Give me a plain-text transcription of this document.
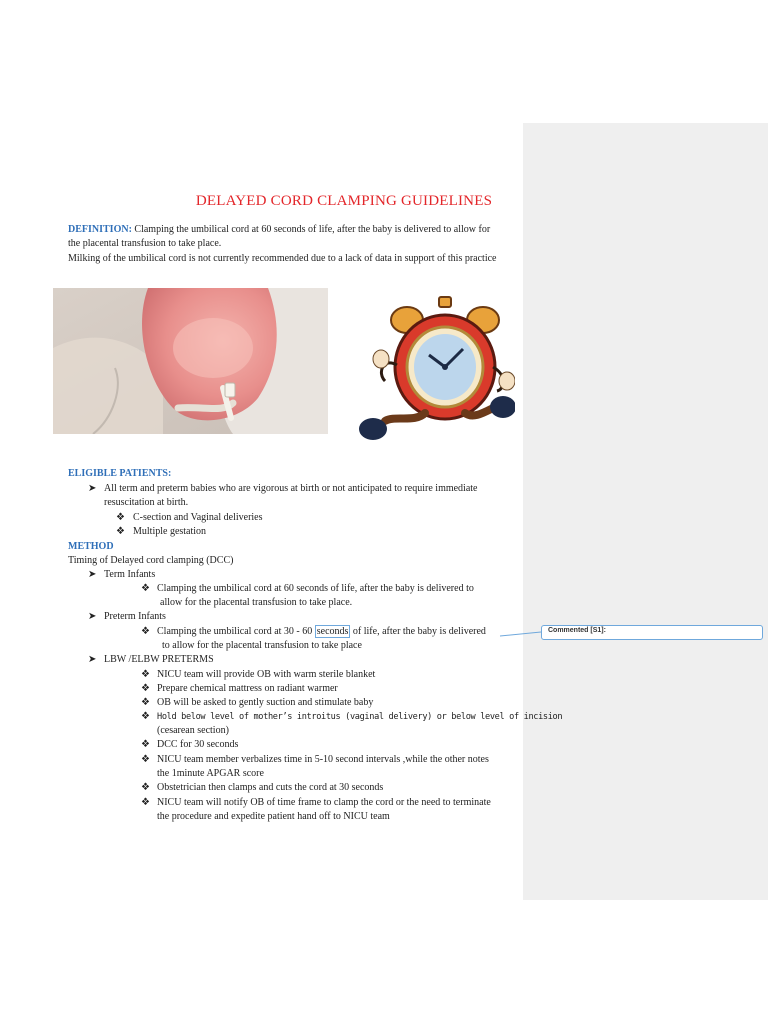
DELAYED CORD CLAMPING GUIDELINES
DEFINITION: Clamping the umbilical cord at 60 seconds of life, after the baby is delivered to allow for
the placental transfusion to take place.
Milking of the umbilical cord is not currently recommended due to a lack of data in support of this practice
ELIGIBLE PATIENTS:
➤ All term and preterm babies who are vigorous at birth or not anticipated to require immediate
resuscitation at birth.
❖ C-section and Vaginal deliveries
❖ Multiple gestation
METHOD
Timing of Delayed cord clamping (DCC)
➤ Term Infants
❖ Clamping the umbilical cord at 60 seconds of life, after the baby is delivered to
allow for the placental transfusion to take place.
➤ Preterm Infants
❖ Clamping the umbilical cord at 30 - 60 seconds of life, after the baby is delivered
to allow for the placental transfusion to take place
Commented [S1]:
➤ LBW /ELBW PRETERMS
❖ NICU team will provide OB with warm sterile blanket
❖ Prepare chemical mattress on radiant warmer
❖ OB will be asked to gently suction and stimulate baby
❖ Hold below level of mother’s introitus (vaginal delivery) or below level of incision
(cesarean section)
❖ DCC for 30 seconds
❖ NICU team member verbalizes time in 5-10 second intervals ,while the other notes
the 1minute APGAR score
❖ Obstetrician then clamps and cuts the cord at 30 seconds
❖ NICU team will notify OB of time frame to clamp the cord or the need to terminate
the procedure and expedite patient hand off to NICU team
